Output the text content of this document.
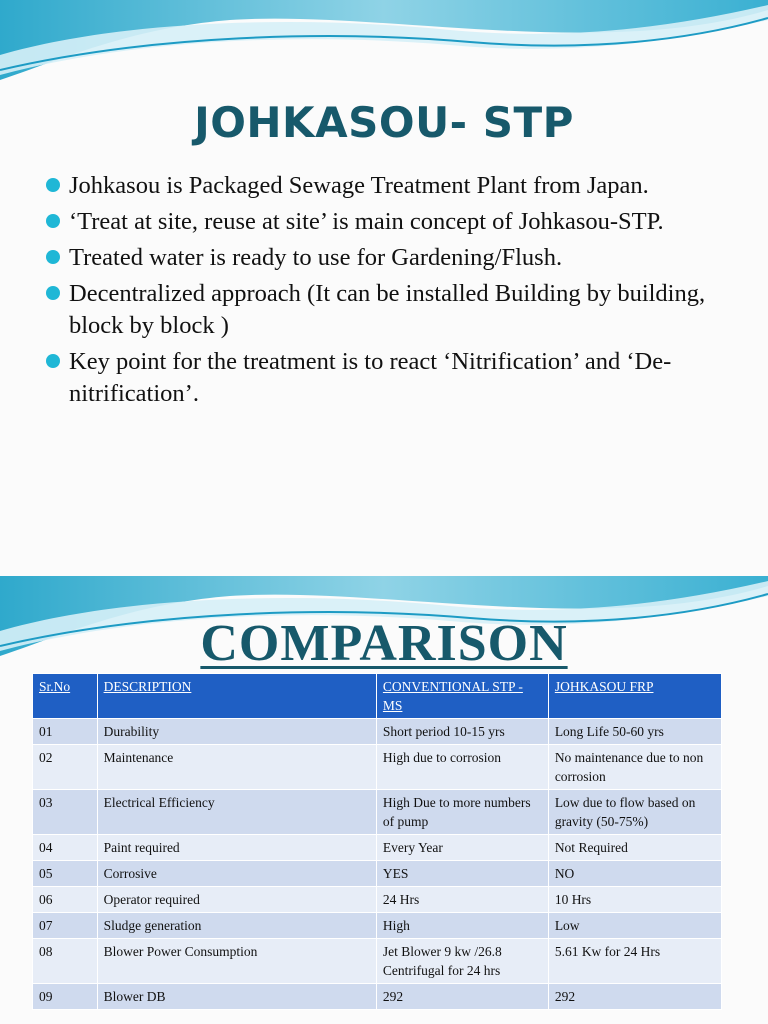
JOHKASOU- STP
Johkasou is Packaged Sewage Treatment Plant from Japan.
‘Treat at site, reuse at site’ is main concept of Johkasou-STP.
Treated water is ready to use for Gardening/Flush.
Decentralized approach (It can be installed Building by building, block by block )
Key point for the treatment is to react ‘Nitrification’ and ‘De-nitrification’.
COMPARISON
Sr.No	DESCRIPTION	CONVENTIONAL STP -MS	JOHKASOU FRP
01	Durability	Short period 10-15 yrs	Long Life 50-60 yrs
02	Maintenance	High due to corrosion	No maintenance due to non corrosion
03	Electrical Efficiency	High Due to more numbers of pump	Low due to flow based on gravity (50-75%)
04	Paint required	Every Year	Not Required
05	Corrosive	YES	NO
06	Operator required	24 Hrs	10 Hrs
07	Sludge generation	High	Low
08	Blower Power Consumption	Jet Blower 9 kw /26.8 Centrifugal for 24 hrs	5.61 Kw for 24 Hrs
09	Blower DB	292	292
